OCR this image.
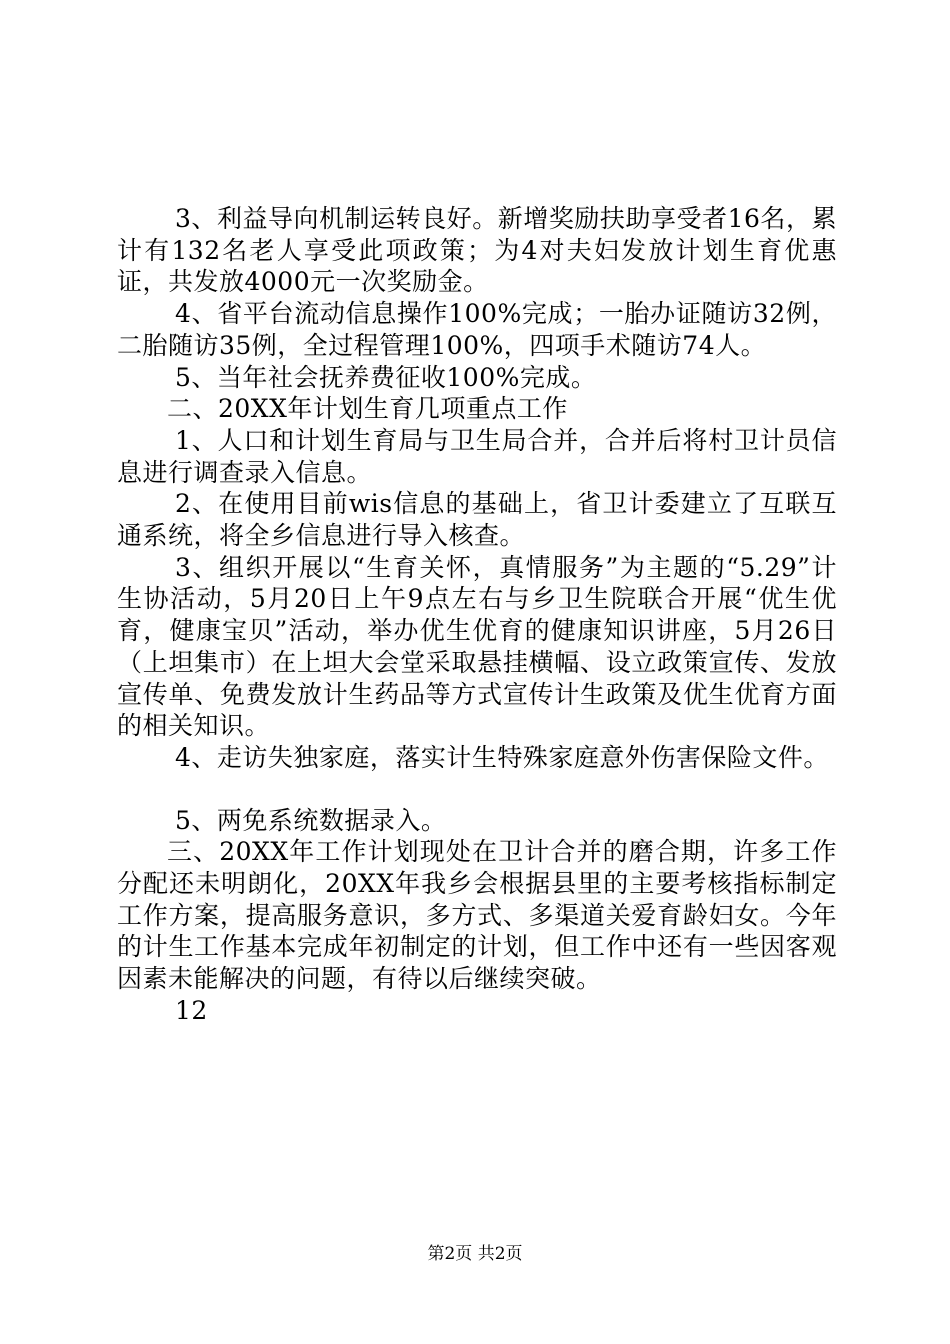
3、利益导向机制运转良好。新增奖励扶助享受者16名，累计有132名老人享受此项政策；为4对夫妇发放计划生育优惠证，共发放4000元一次奖励金。

4、省平台流动信息操作100%完成；一胎办证随访32例，二胎随访35例，全过程管理100%，四项手术随访74人。

5、当年社会抚养费征收100%完成。

二、20XX年计划生育几项重点工作

1、人口和计划生育局与卫生局合并，合并后将村卫计员信息进行调查录入信息。

2、在使用目前wis信息的基础上，省卫计委建立了互联互通系统，将全乡信息进行导入核查。

3、组织开展以“生育关怀，真情服务”为主题的“5.29”计生协活动，5月20日上午9点左右与乡卫生院联合开展“优生优育，健康宝贝”活动，举办优生优育的健康知识讲座，5月26日（上坦集市）在上坦大会堂采取悬挂横幅、设立政策宣传、发放宣传单、免费发放计生药品等方式宣传计生政策及优生优育方面的相关知识。

4、走访失独家庭，落实计生特殊家庭意外伤害保险文件。

5、两免系统数据录入。

三、20XX年工作计划现处在卫计合并的磨合期，许多工作分配还未明朗化，20XX年我乡会根据县里的主要考核指标制定工作方案，提高服务意识，多方式、多渠道关爱育龄妇女。今年的计生工作基本完成年初制定的计划，但工作中还有一些因客观因素未能解决的问题，有待以后继续突破。

12

第2页 共2页
